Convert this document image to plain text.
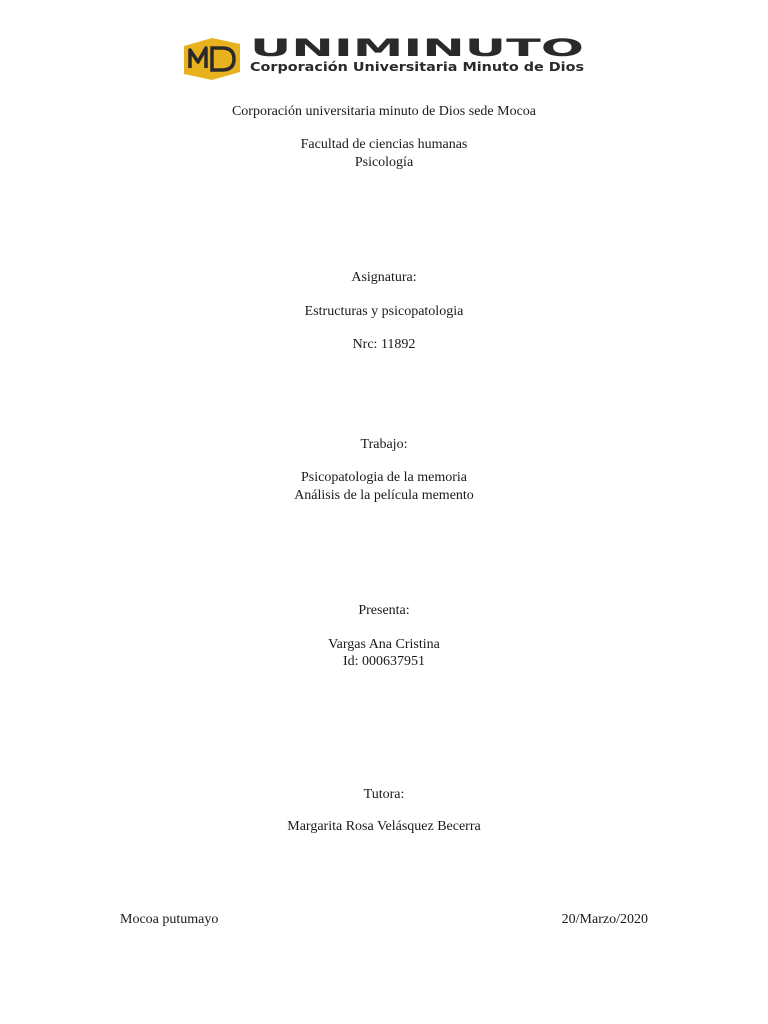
UNIMINUTO
Corporación Universitaria Minuto de Dios
Corporación universitaria minuto de Dios sede Mocoa
Facultad de ciencias humanas
Psicología
Asignatura:
Estructuras y psicopatologia
Nrc: 11892
Trabajo:
Psicopatologia de la memoria
Análisis de la película memento
Presenta:
Vargas Ana Cristina
Id: 000637951
Tutora:
Margarita Rosa Velásquez Becerra
Mocoa putumayo	20/Marzo/2020
